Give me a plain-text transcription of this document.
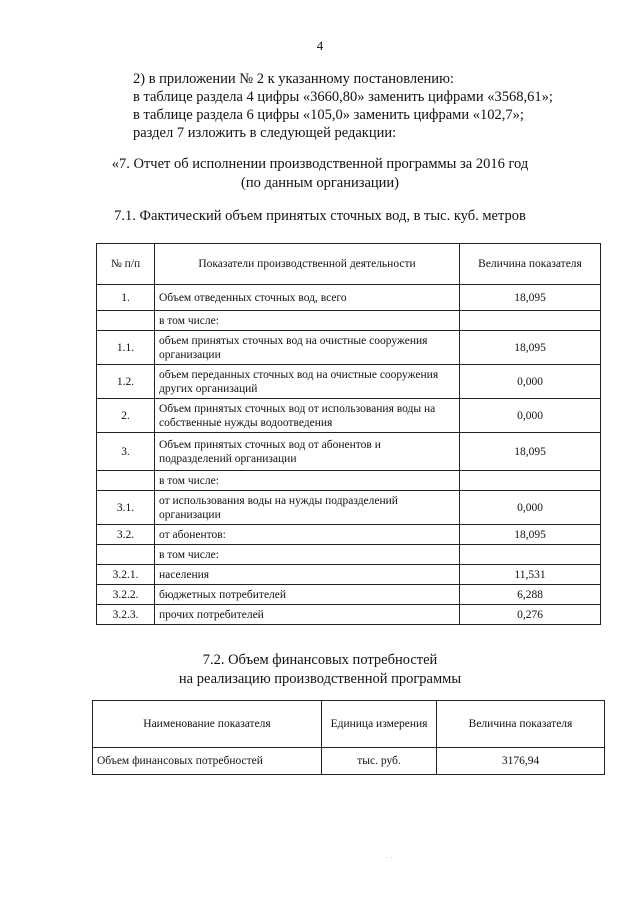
4
2) в приложении № 2 к указанному постановлению:
в таблице раздела 4 цифры «3660,80» заменить цифрами «3568,61»;
в таблице раздела 6 цифры «105,0» заменить цифрами «102,7»;
раздел 7 изложить в следующей редакции:
«7. Отчет об исполнении производственной программы за 2016 год
(по данным организации)
7.1. Фактический объем принятых сточных вод, в тыс. куб. метров
№ п/п	Показатели производственной деятельности	Величина показателя
1.	Объем отведенных сточных вод, всего	18,095
	в том числе:	
1.1.	объем принятых сточных вод на очистные сооружения организации	18,095
1.2.	объем переданных сточных вод на очистные сооружения других организаций	0,000
2.	Объем принятых сточных вод от использования воды на собственные нужды водоотведения	0,000
3.	Объем принятых сточных вод от абонентов и подразделений организации	18,095
	в том числе:	
3.1.	от использования воды на нужды подразделений организации	0,000
3.2.	от абонентов:	18,095
	в том числе:	
3.2.1.	населения	11,531
3.2.2.	бюджетных потребителей	6,288
3.2.3.	прочих потребителей	0,276
7.2. Объем финансовых потребностей
на реализацию производственной программы
Наименование показателя	Единица измерения	Величина показателя
Объем финансовых потребностей	тыс. руб.	3176,94
· ·
